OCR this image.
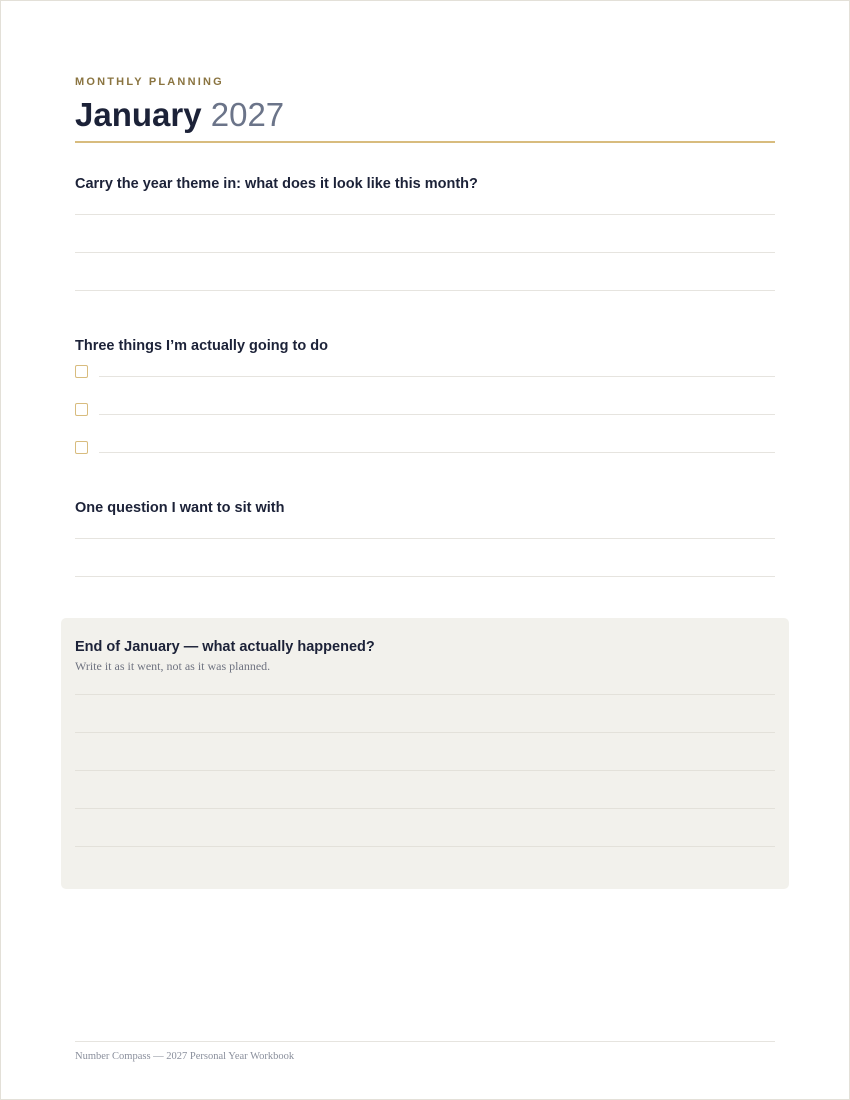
MONTHLY PLANNING
January 2027
Carry the year theme in: what does it look like this month?
Three things I’m actually going to do
One question I want to sit with
End of January — what actually happened?
Write it as it went, not as it was planned.
Number Compass — 2027 Personal Year Workbook
